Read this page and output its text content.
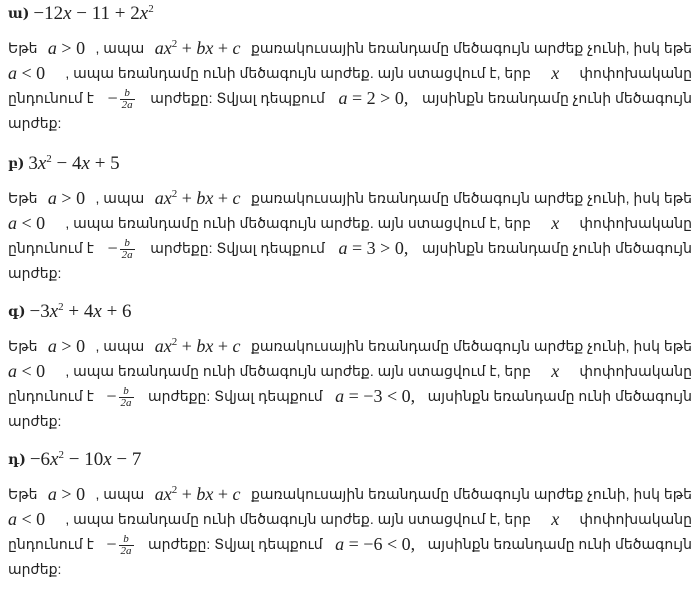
ա) $-12x - 11 + 2x^2$
Եթե a > 0 , ապա $ax^2$ + bx + c քառակուսային եռանդամը մեծագույն արժեք չունի, իսկ եթե
a < 0 , ապա եռանդամը ունի մեծագույն արժեք. այն ստացվում է, երբ x փոփոխականը
ընդունում է − $\frac{b}{2a}$ արժեքը: Տվյալ դեպքում a = 2 > 0, այսինքն եռանդամը չունի մեծագույն
արժեք:
բ) $3x^2 - 4x + 5$
Եթե a > 0 , ապա $ax^2$ + bx + c քառակուսային եռանդամը մեծագույն արժեք չունի, իսկ եթե
a < 0 , ապա եռանդամը ունի մեծագույն արժեք. այն ստացվում է, երբ x փոփոխականը
ընդունում է − $\frac{b}{2a}$ արժեքը: Տվյալ դեպքում a = 3 > 0, այսինքն եռանդամը չունի մեծագույն
արժեք:
գ) $-3x^2 + 4x + 6$
Եթե a > 0 , ապա $ax^2$ + bx + c քառակուսային եռանդամը մեծագույն արժեք չունի, իսկ եթե
a < 0 , ապա եռանդամը ունի մեծագույն արժեք. այն ստացվում է, երբ x փոփոխականը
ընդունում է − $\frac{b}{2a}$ արժեքը: Տվյալ դեպքում a = −3 < 0, այսինքն եռանդամը ունի մեծագույն
արժեք:
դ) $-6x^2 - 10x - 7$
Եթե a > 0 , ապա $ax^2$ + bx + c քառակուսային եռանդամը մեծագույն արժեք չունի, իսկ եթե
a < 0 , ապա եռանդամը ունի մեծագույն արժեք. այն ստացվում է, երբ x փոփոխականը
ընդունում է − $\frac{b}{2a}$ արժեքը: Տվյալ դեպքում a = −6 < 0, այսինքն եռանդամը ունի մեծագույն
արժեք:
